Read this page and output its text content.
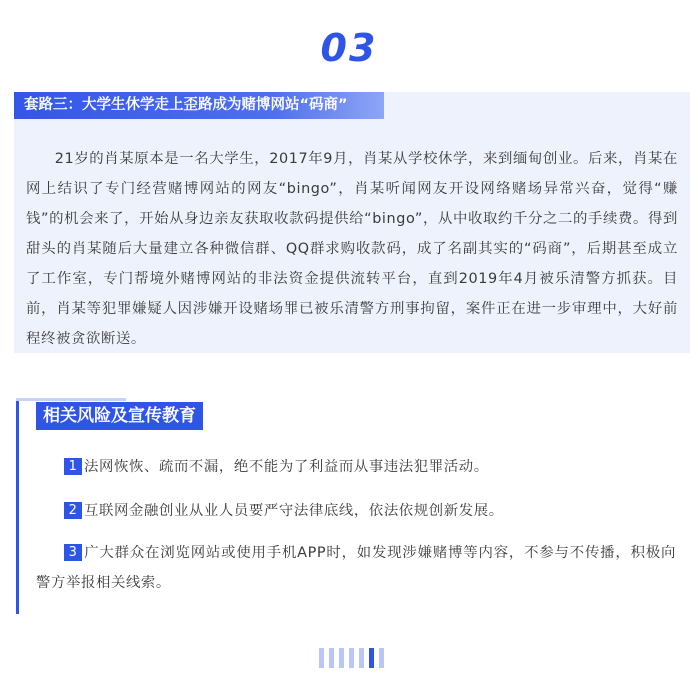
03
套路三：大学生休学走上歪路成为赌博网站“码商”

21岁的肖某原本是一名大学生，2017年9月，肖某从学校休学，来到缅甸创业。后来，肖某在网上结识了专门经营赌博网站的网友“bingo”，肖某听闻网友开设网络赌场异常兴奋，觉得“赚钱”的机会来了，开始从身边亲友获取收款码提供给“bingo”，从中收取约千分之二的手续费。得到甜头的肖某随后大量建立各种微信群、QQ群求购收款码，成了名副其实的“码商”，后期甚至成立了工作室，专门帮境外赌博网站的非法资金提供流转平台，直到2019年4月被乐清警方抓获。目前，肖某等犯罪嫌疑人因涉嫌开设赌场罪已被乐清警方刑事拘留，案件正在进一步审理中，大好前程终被贪欲断送。

相关风险及宣传教育

1 法网恢恢、疏而不漏，绝不能为了利益而从事违法犯罪活动。

2 互联网金融创业从业人员要严守法律底线，依法依规创新发展。

3 广大群众在浏览网站或使用手机APP时，如发现涉嫌赌博等内容，不参与不传播，积极向警方举报相关线索。
